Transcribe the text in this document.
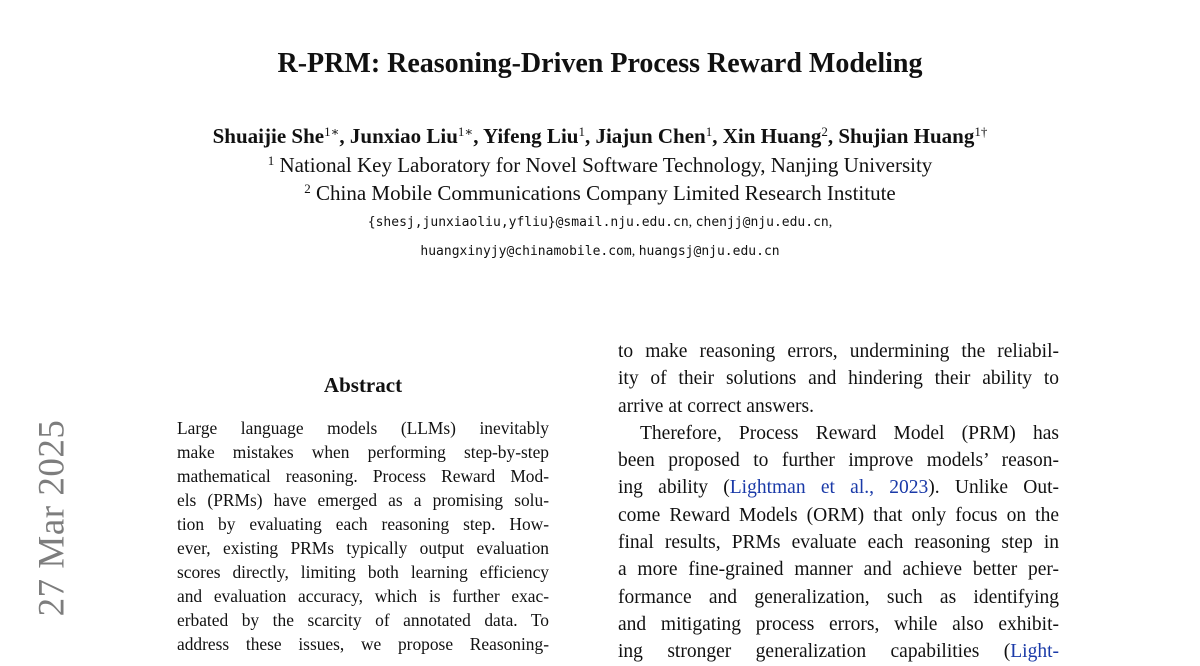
R-PRM: Reasoning-Driven Process Reward Modeling
Shuaijie She$^{1∗}$, Junxiao Liu$^{1∗}$, Yifeng Liu$^1$, Jiajun Chen$^1$, Xin Huang$^2$, Shujian Huang$^{1\dagger}$
$^1$ National Key Laboratory for Novel Software Technology, Nanjing University
$^2$ China Mobile Communications Company Limited Research Institute
{shesj,junxiaoliu,yfliu}@smail.nju.edu.cn, chenjj@nju.edu.cn,
huangxinyjy@chinamobile.com, huangsj@nju.edu.cn
27 Mar 2025
Abstract
Large language models (LLMs) inevitably
make mistakes when performing step-by-step
mathematical reasoning. Process Reward Mod-
els (PRMs) have emerged as a promising solu-
tion by evaluating each reasoning step. How-
ever, existing PRMs typically output evaluation
scores directly, limiting both learning efficiency
and evaluation accuracy, which is further exac-
erbated by the scarcity of annotated data. To
address these issues, we propose Reasoning-
to make reasoning errors, undermining the reliabil-
ity of their solutions and hindering their ability to
arrive at correct answers.
Therefore, Process Reward Model (PRM) has
been proposed to further improve models’ reason-
ing ability (Lightman et al., 2023). Unlike Out-
come Reward Models (ORM) that only focus on the
final results, PRMs evaluate each reasoning step in
a more fine-grained manner and achieve better per-
formance and generalization, such as identifying
and mitigating process errors, while also exhibit-
ing stronger generalization capabilities (Light-
